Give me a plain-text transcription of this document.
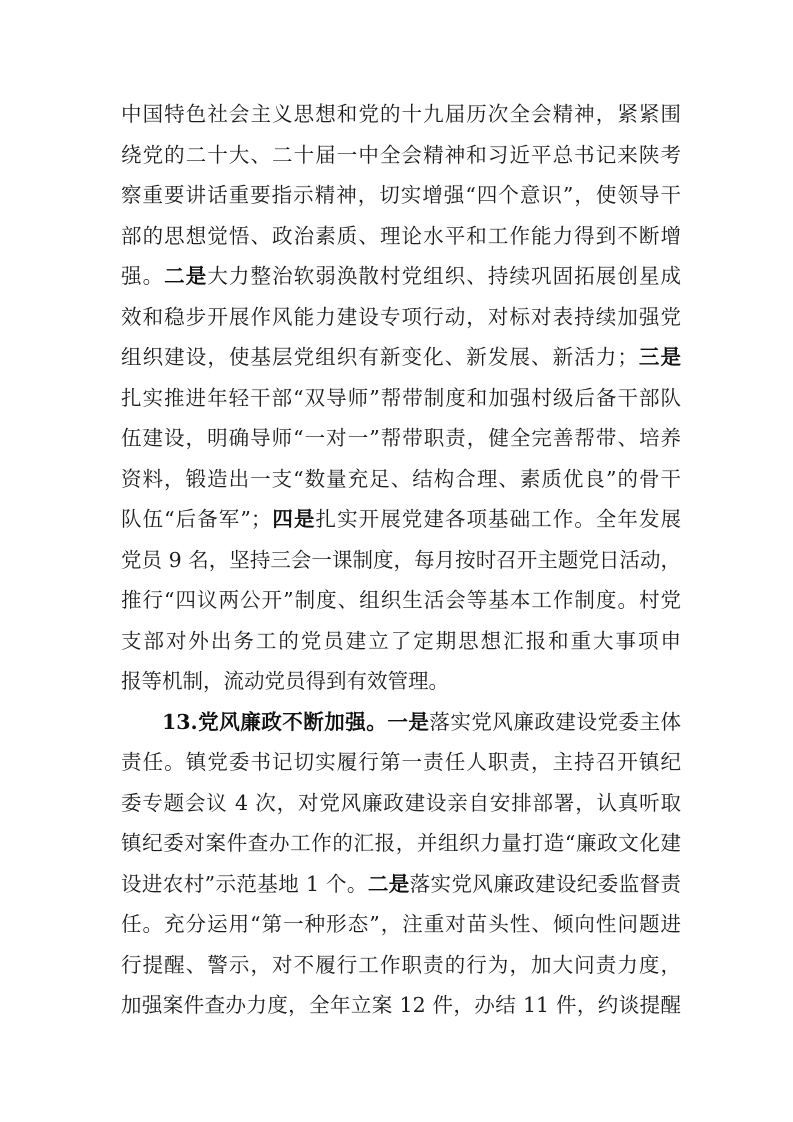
中国特色社会主义思想和党的十九届历次全会精神，紧紧围
绕党的二十大、二十届一中全会精神和习近平总书记来陕考
察重要讲话重要指示精神，切实增强“四个意识”，使领导干
部的思想觉悟、政治素质、理论水平和工作能力得到不断增
强。二是大力整治软弱涣散村党组织、持续巩固拓展创星成
效和稳步开展作风能力建设专项行动，对标对表持续加强党
组织建设，使基层党组织有新变化、新发展、新活力；三是
扎实推进年轻干部“双导师”帮带制度和加强村级后备干部队
伍建设，明确导师“一对一”帮带职责，健全完善帮带、培养
资料，锻造出一支“数量充足、结构合理、素质优良”的骨干
队伍“后备军”；四是扎实开展党建各项基础工作。全年发展
党员 9 名，坚持三会一课制度，每月按时召开主题党日活动，
推行“四议两公开”制度、组织生活会等基本工作制度。村党
支部对外出务工的党员建立了定期思想汇报和重大事项申
报等机制，流动党员得到有效管理。
13.党风廉政不断加强。一是落实党风廉政建设党委主体
责任。镇党委书记切实履行第一责任人职责，主持召开镇纪
委专题会议 4 次，对党风廉政建设亲自安排部署，认真听取
镇纪委对案件查办工作的汇报，并组织力量打造“廉政文化建
设进农村”示范基地 1 个。二是落实党风廉政建设纪委监督责
任。充分运用“第一种形态”，注重对苗头性、倾向性问题进
行提醒、警示，对不履行工作职责的行为，加大问责力度，
加强案件查办力度，全年立案 12 件，办结 11 件，约谈提醒
